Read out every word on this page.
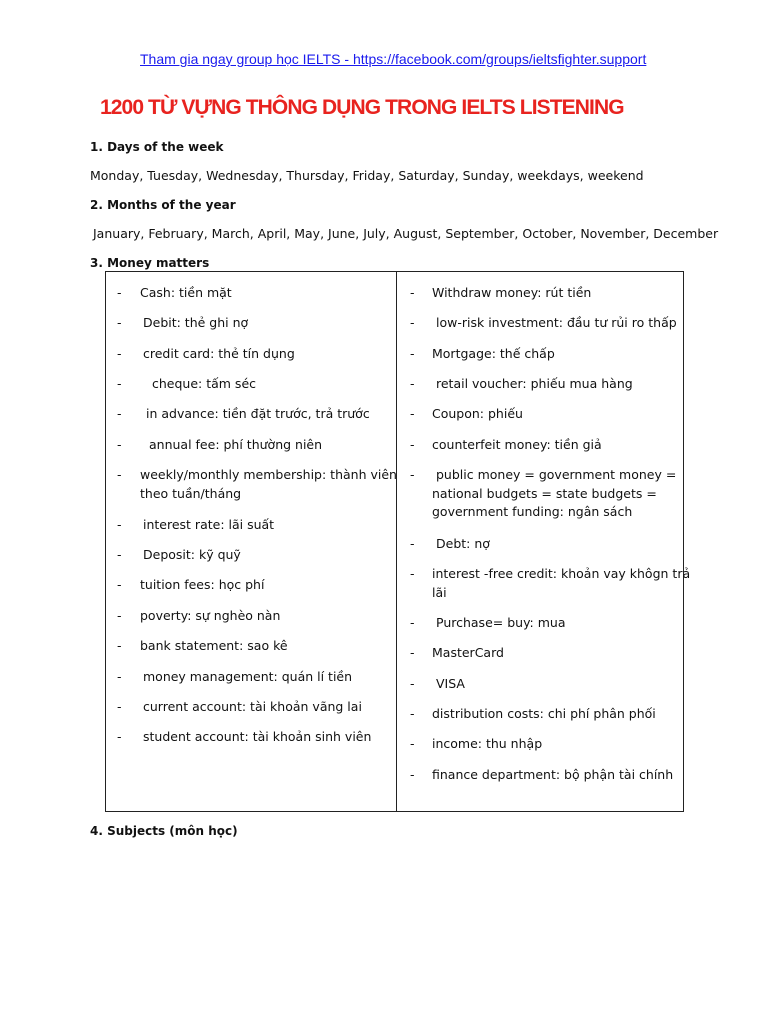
Tham gia ngay group học IELTS - https://facebook.com/groups/ieltsfighter.support
1200 TỪ VỰNG THÔNG DỤNG TRONG IELTS LISTENING
1. Days of the week
Monday, Tuesday, Wednesday, Thursday, Friday, Saturday, Sunday, weekdays, weekend
2. Months of the year
January, February, March, April, May, June, July, August, September, October, November, December
3. Money matters
- Cash: tiền mặt
- Debit: thẻ ghi nợ
- credit card: thẻ tín dụng
- cheque: tấm séc
- in advance: tiền đặt trước, trả trước
- annual fee: phí thường niên
- weekly/monthly membership: thành viên
theo tuần/tháng
- interest rate: lãi suất
- Deposit: kỹ quỹ
- tuition fees: học phí
- poverty: sự nghèo nàn
- bank statement: sao kê
- money management: quán lí tiền
- current account: tài khoản vãng lai
- student account: tài khoản sinh viên
- Withdraw money: rút tiền
- low-risk investment: đầu tư rủi ro thấp
- Mortgage: thế chấp
- retail voucher: phiếu mua hàng
- Coupon: phiếu
- counterfeit money: tiền giả
- public money = government money =
national budgets = state budgets =
government funding: ngân sách
- Debt: nợ
- interest -free credit: khoản vay khôgn trả
lãi
- Purchase= buy: mua
- MasterCard
- VISA
- distribution costs: chi phí phân phối
- income: thu nhập
- finance department: bộ phận tài chính
4. Subjects (môn học)
